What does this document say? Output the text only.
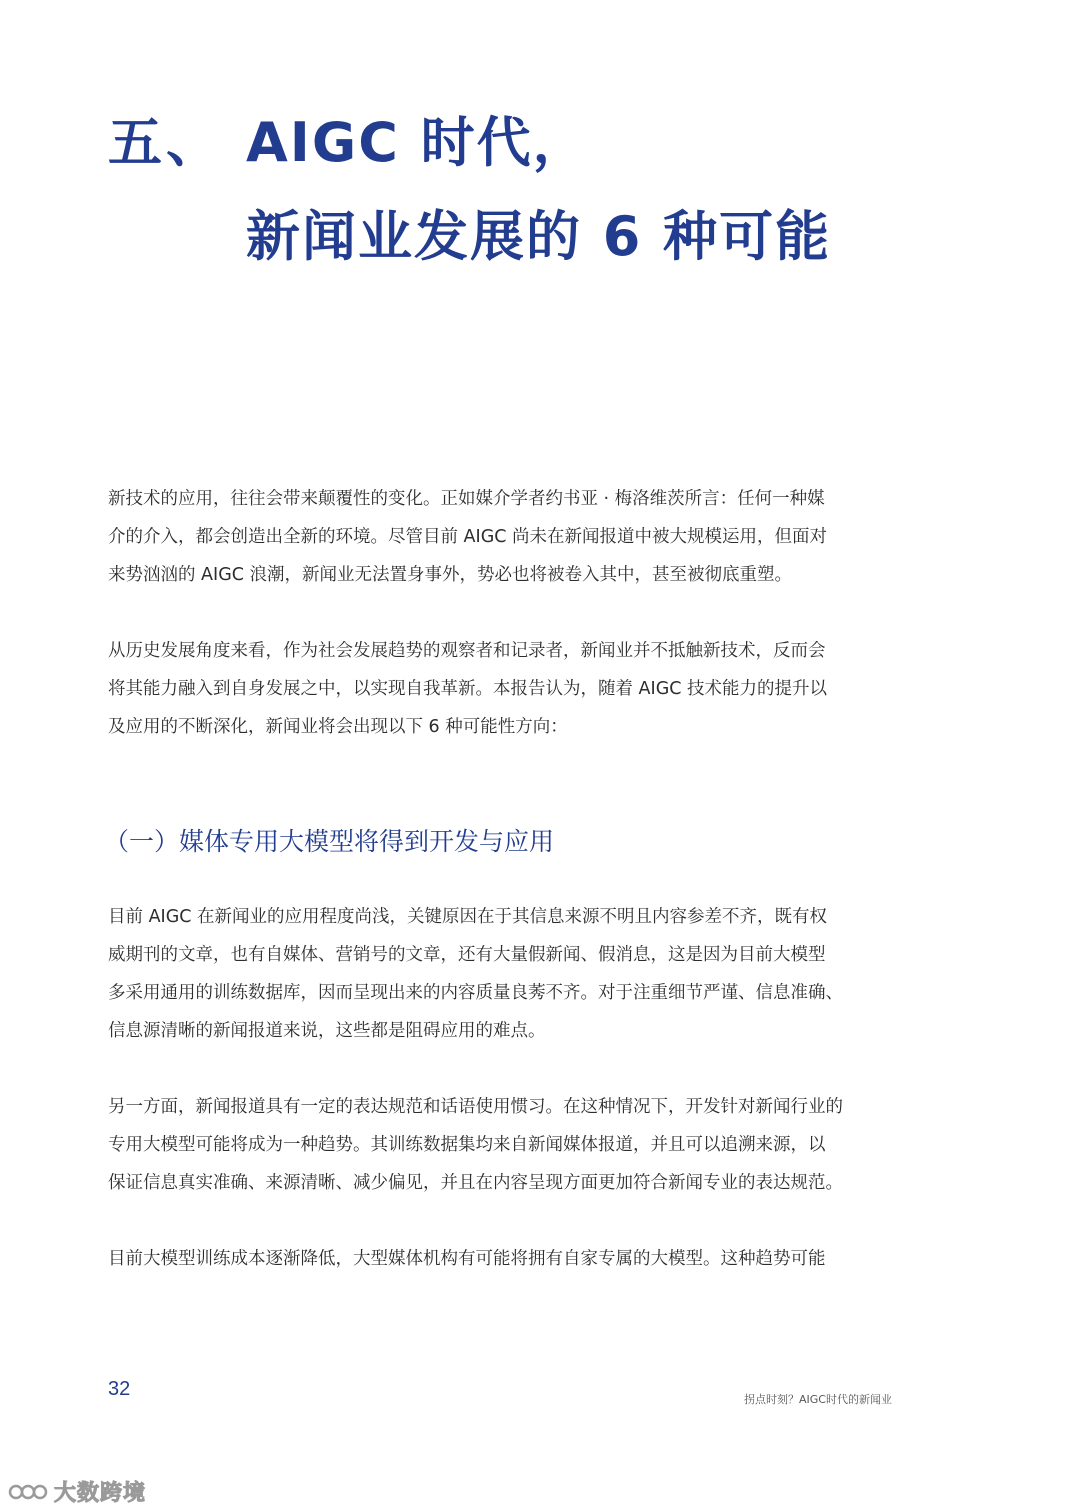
五、 AIGC 时代，
新闻业发展的 6 种可能
新技术的应用，往往会带来颠覆性的变化。正如媒介学者约书亚 · 梅洛维茨所言：任何一种媒
介的介入，都会创造出全新的环境。尽管目前 AIGC 尚未在新闻报道中被大规模运用，但面对
来势汹汹的 AIGC 浪潮，新闻业无法置身事外，势必也将被卷入其中，甚至被彻底重塑。
从历史发展角度来看，作为社会发展趋势的观察者和记录者，新闻业并不抵触新技术，反而会
将其能力融入到自身发展之中，以实现自我革新。本报告认为，随着 AIGC 技术能力的提升以
及应用的不断深化，新闻业将会出现以下 6 种可能性方向：
（一）媒体专用大模型将得到开发与应用
目前 AIGC 在新闻业的应用程度尚浅，关键原因在于其信息来源不明且内容参差不齐，既有权
威期刊的文章，也有自媒体、营销号的文章，还有大量假新闻、假消息，这是因为目前大模型
多采用通用的训练数据库，因而呈现出来的内容质量良莠不齐。对于注重细节严谨、信息准确、
信息源清晰的新闻报道来说，这些都是阻碍应用的难点。
另一方面，新闻报道具有一定的表达规范和话语使用惯习。在这种情况下，开发针对新闻行业的
专用大模型可能将成为一种趋势。其训练数据集均来自新闻媒体报道，并且可以追溯来源，以
保证信息真实准确、来源清晰、减少偏见，并且在内容呈现方面更加符合新闻专业的表达规范。
目前大模型训练成本逐渐降低，大型媒体机构有可能将拥有自家专属的大模型。这种趋势可能
32	拐点时刻？AIGC时代的新闻业
大数跨境
